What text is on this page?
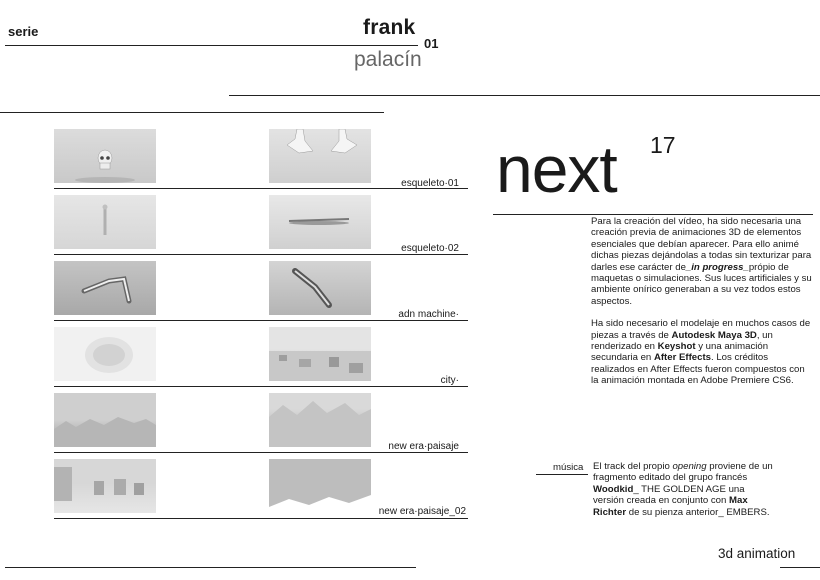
serie	frank
01
palacín
next 17
esqueleto·01
esqueleto·02
adn machine·
city·
new era·paisaje
new era·paisaje_02

Para la creación del vídeo, ha sido necesaria una creación previa de animaciones 3D de elementos esenciales que debían aparecer. Para ello animé dichas piezas dejándolas a todas sin texturizar para darles ese carácter de_in progress_própio de maquetas o simulaciones. Sus luces artificiales y su ambiente onírico generaban a su vez todos estos aspectos.

Ha sido necesario el modelaje en muchos casos de piezas a través de Autodesk Maya 3D, un renderizado en Keyshot y una animación secundaria en After Effects. Los créditos realizados en After Effects fueron compuestos con la animación montada en Adobe Premiere CS6.

música El track del propio opening proviene de un fragmento editado del grupo francés Woodkid_ THE GOLDEN AGE una versión creada en conjunto con Max Richter de su pienza anterior_ EMBERS.
3d animation
